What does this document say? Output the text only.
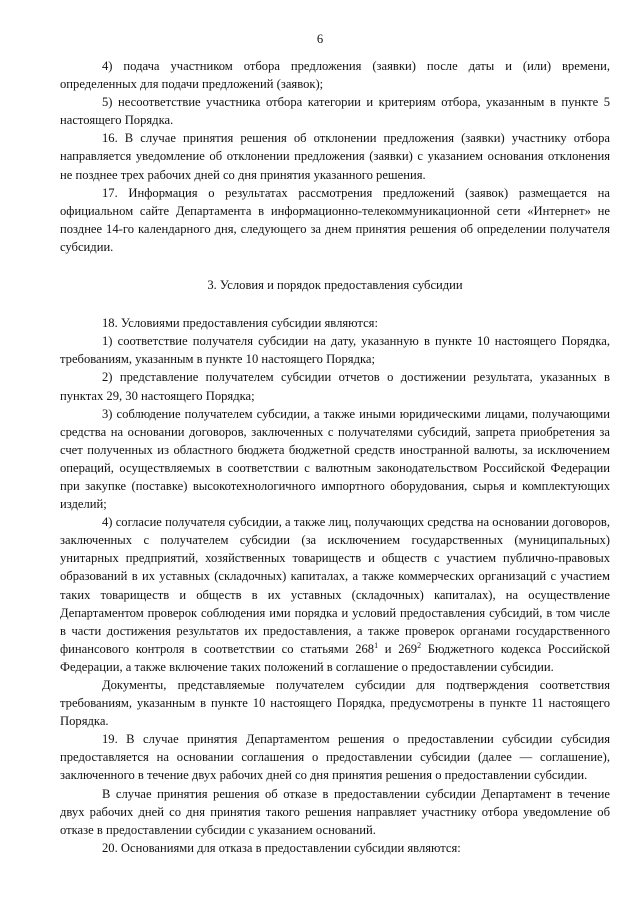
6

4) подача участником отбора предложения (заявки) после даты и (или) времени, определенных для подачи предложений (заявок);

5) несоответствие участника отбора категории и критериям отбора, указанным в пункте 5 настоящего Порядка.

16. В случае принятия решения об отклонении предложения (заявки) участнику отбора направляется уведомление об отклонении предложения (заявки) с указанием основания отклонения не позднее трех рабочих дней со дня принятия указанного решения.

17. Информация о результатах рассмотрения предложений (заявок) размещается на официальном сайте Департамента в информационно-телекоммуникационной сети «Интернет» не позднее 14-го календарного дня, следующего за днем принятия решения об определении получателя субсидии.

3. Условия и порядок предоставления субсидии

18. Условиями предоставления субсидии являются:

1) соответствие получателя субсидии на дату, указанную в пункте 10 настоящего Порядка, требованиям, указанным в пункте 10 настоящего Порядка;

2) представление получателем субсидии отчетов о достижении результата, указанных в пунктах 29, 30 настоящего Порядка;

3) соблюдение получателем субсидии, а также иными юридическими лицами, получающими средства на основании договоров, заключенных с получателями субсидий, запрета приобретения за счет полученных из областного бюджета бюджетной средств иностранной валюты, за исключением операций, осуществляемых в соответствии с валютным законодательством Российской Федерации при закупке (поставке) высокотехнологичного импортного оборудования, сырья и комплектующих изделий;

4) согласие получателя субсидии, а также лиц, получающих средства на основании договоров, заключенных с получателем субсидии (за исключением государственных (муниципальных) унитарных предприятий, хозяйственных товариществ и обществ с участием публично-правовых образований в их уставных (складочных) капиталах, а также коммерческих организаций с участием таких товариществ и обществ в их уставных (складочных) капиталах), на осуществление Департаментом проверок соблюдения ими порядка и условий предоставления субсидий, в том числе в части достижения результатов их предоставления, а также проверок органами государственного финансового контроля в соответствии со статьями $268^1$ и $269^2$ Бюджетного кодекса Российской Федерации, а также включение таких положений в соглашение о предоставлении субсидии.

Документы, представляемые получателем субсидии для подтверждения соответствия требованиям, указанным в пункте 10 настоящего Порядка, предусмотрены в пункте 11 настоящего Порядка.

19. В случае принятия Департаментом решения о предоставлении субсидии субсидия предоставляется на основании соглашения о предоставлении субсидии (далее — соглашение), заключенного в течение двух рабочих дней со дня принятия решения о предоставлении субсидии.

В случае принятия решения об отказе в предоставлении субсидии Департамент в течение двух рабочих дней со дня принятия такого решения направляет участнику отбора уведомление об отказе в предоставлении субсидии с указанием оснований.

20. Основаниями для отказа в предоставлении субсидии являются:
